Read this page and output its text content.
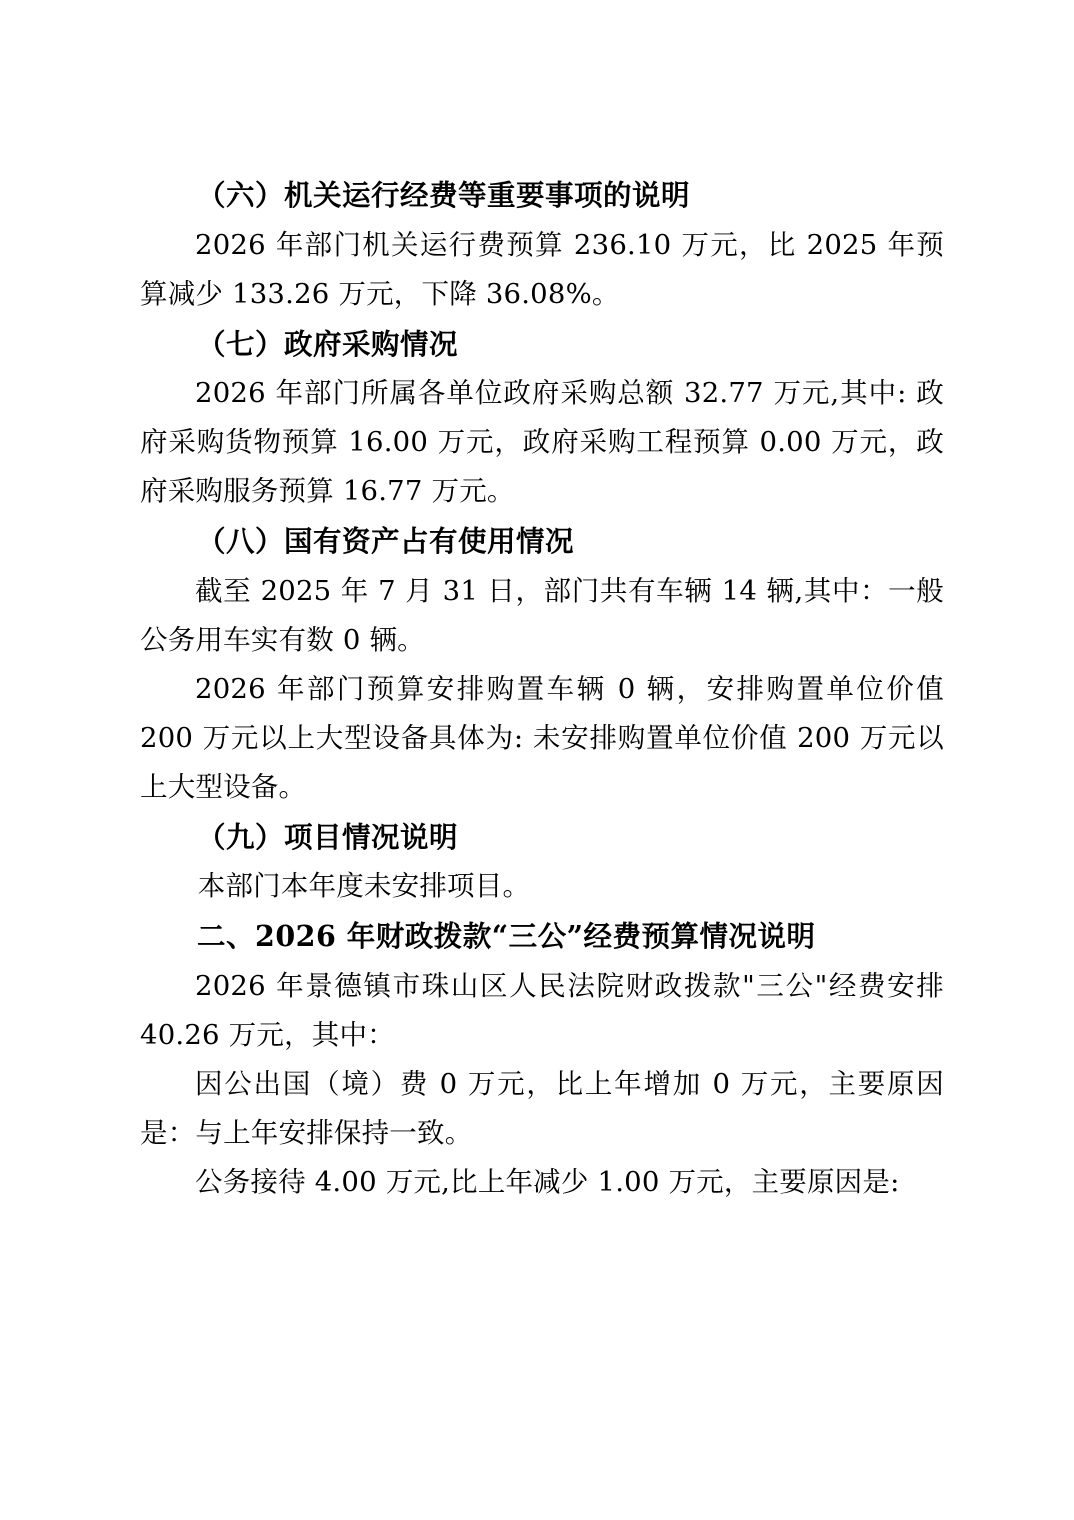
（六）机关运行经费等重要事项的说明

2026 年部门机关运行费预算 236.10 万元，比 2025 年预算减少 133.26 万元，下降 36.08%。

（七）政府采购情况

2026 年部门所属各单位政府采购总额 32.77 万元,其中: 政府采购货物预算 16.00 万元，政府采购工程预算 0.00 万元，政府采购服务预算 16.77 万元。

（八）国有资产占有使用情况

截至 2025 年 7 月 31 日，部门共有车辆 14 辆,其中：一般公务用车实有数 0 辆。

2026 年部门预算安排购置车辆 0 辆，安排购置单位价值 200 万元以上大型设备具体为: 未安排购置单位价值 200 万元以上大型设备。

（九）项目情况说明

本部门本年度未安排项目。

二、2026 年财政拨款“三公”经费预算情况说明

2026 年景德镇市珠山区人民法院财政拨款"三公"经费安排 40.26 万元，其中：

因公出国（境）费 0 万元，比上年增加 0 万元，主要原因是：与上年安排保持一致。

公务接待 4.00 万元,比上年减少 1.00 万元，主要原因是:
